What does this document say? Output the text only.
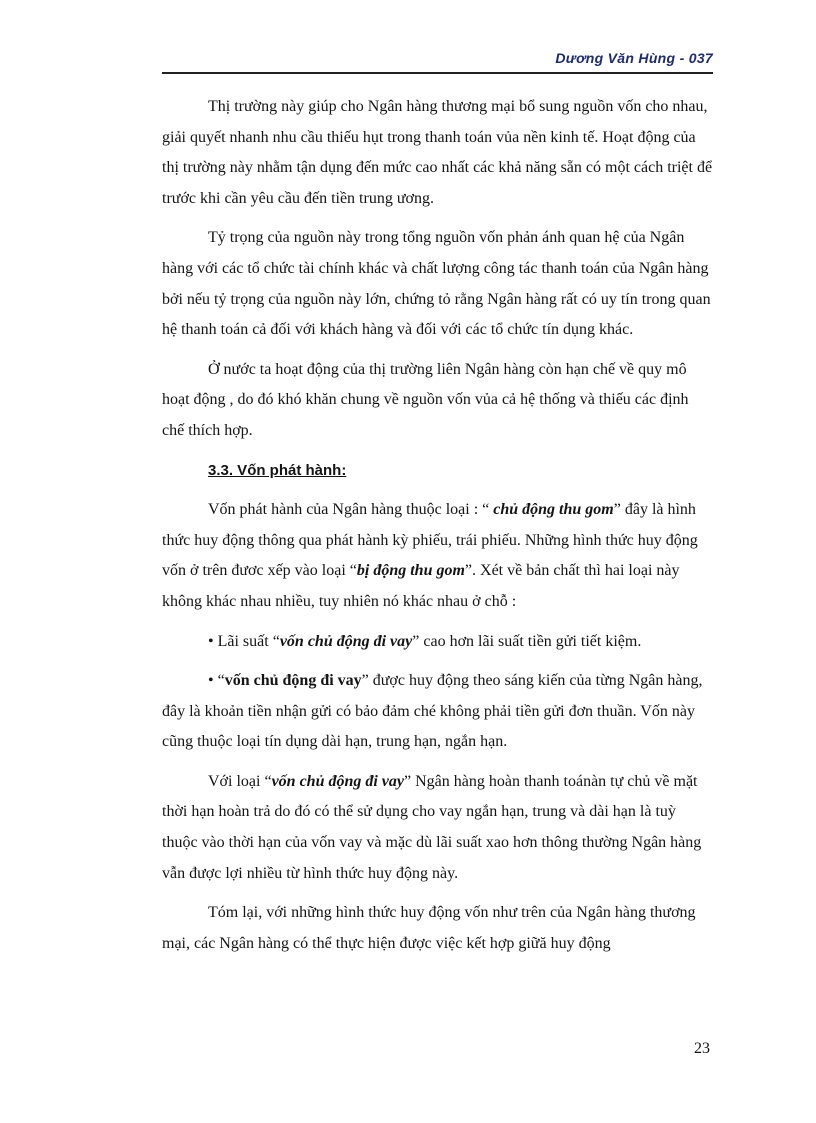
Dương Văn Hùng - 037

Thị trường này giúp cho Ngân hàng thương mại bổ sung nguồn vốn cho nhau, giải quyết nhanh nhu cầu thiếu hụt trong thanh toán vủa nền kinh tế. Hoạt động của thị trường này nhằm tận dụng đến mức cao nhất các khả năng sẵn có một cách triệt để trước khi cần yêu cầu đến tiền trung ương.

Tỷ trọng của nguồn này trong tổng nguồn vốn phản ánh quan hệ của Ngân hàng với các tổ chức tài chính khác và chất lượng công tác thanh toán của Ngân hàng bởi nếu tỷ trọng của nguồn này lớn, chứng tỏ rằng Ngân hàng rất có uy tín trong quan hệ thanh toán cả đối với khách hàng và đối với các tổ chức tín dụng khác.

Ở nước ta hoạt động của thị trường liên Ngân hàng còn hạn chế về quy mô hoạt động , do đó khó khăn chung về nguồn vốn vủa cả hệ thống và thiếu các định chế thích hợp.

3.3. Vốn phát hành:

Vốn phát hành của Ngân hàng thuộc loại : “ chủ động thu gom” đây là hình thức huy động thông qua phát hành kỳ phiếu, trái phiếu. Những hình thức huy động vốn ở trên đươc xếp vào loại “bị động thu gom”. Xét về bản chất thì hai loại này không khác nhau nhiều, tuy nhiên nó khác nhau ở chỗ :

• Lãi suất “vốn chủ động đi vay” cao hơn lãi suất tiền gửi tiết kiệm.

• “vốn chủ động đi vay” được huy động theo sáng kiến của từng Ngân hàng, đây là khoản tiền nhận gửi có bảo đảm ché không phải tiền gửi đơn thuần. Vốn này cũng thuộc loại tín dụng dài hạn, trung hạn, ngắn hạn.

Với loại “vốn chủ động đi vay” Ngân hàng hoàn thanh toánàn tự chủ về mặt thời hạn hoàn trả do đó có thể sử dụng cho vay ngắn hạn, trung và dài hạn là tuỳ thuộc vào thời hạn của vốn vay và mặc dù lãi suất xao hơn thông thường Ngân hàng vẫn được lợi nhiều từ hình thức huy động này.

Tóm lại, với những hình thức huy động vốn như trên của Ngân hàng thương mại, các Ngân hàng có thể thực hiện được việc kết hợp giữă huy động

23
